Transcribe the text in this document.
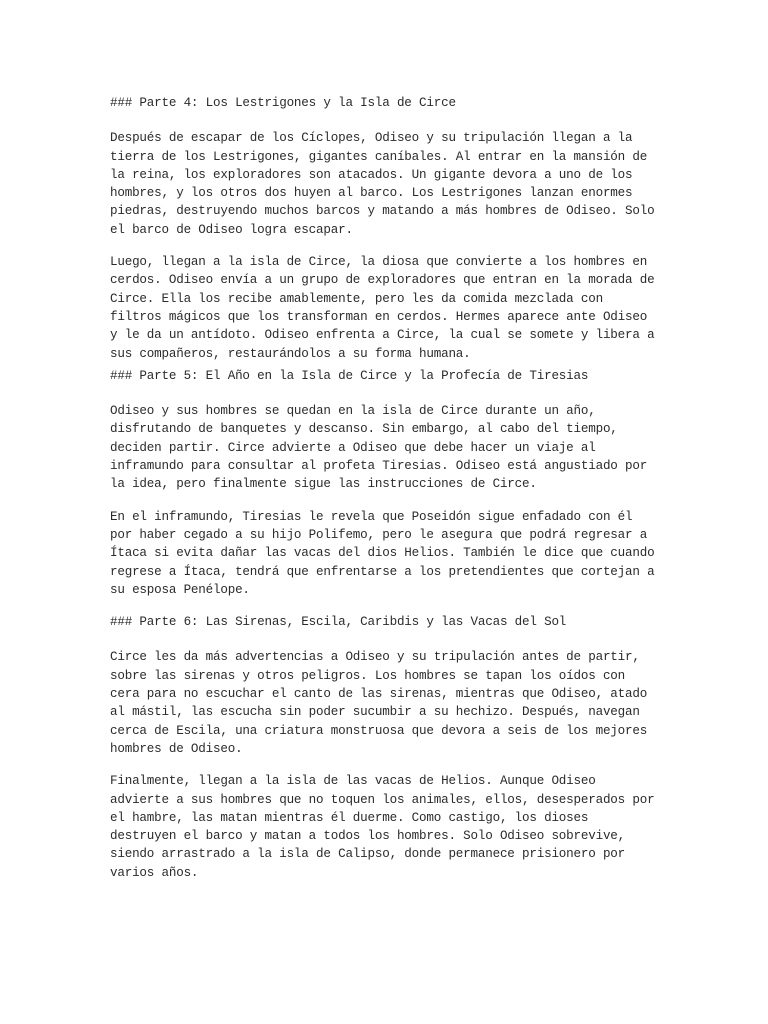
### Parte 4: Los Lestrigones y la Isla de Circe

Después de escapar de los Cíclopes, Odiseo y su tripulación llegan a la tierra de los Lestrigones, gigantes caníbales. Al entrar en la mansión de la reina, los exploradores son atacados. Un gigante devora a uno de los hombres, y los otros dos huyen al barco. Los Lestrigones lanzan enormes piedras, destruyendo muchos barcos y matando a más hombres de Odiseo. Solo el barco de Odiseo logra escapar.

Luego, llegan a la isla de Circe, la diosa que convierte a los hombres en cerdos. Odiseo envía a un grupo de exploradores que entran en la morada de Circe. Ella los recibe amablemente, pero les da comida mezclada con filtros mágicos que los transforman en cerdos. Hermes aparece ante Odiseo y le da un antídoto. Odiseo enfrenta a Circe, la cual se somete y libera a sus compañeros, restaurándolos a su forma humana.

### Parte 5: El Año en la Isla de Circe y la Profecía de Tiresias

Odiseo y sus hombres se quedan en la isla de Circe durante un año, disfrutando de banquetes y descanso. Sin embargo, al cabo del tiempo, deciden partir. Circe advierte a Odiseo que debe hacer un viaje al inframundo para consultar al profeta Tiresias. Odiseo está angustiado por la idea, pero finalmente sigue las instrucciones de Circe.

En el inframundo, Tiresias le revela que Poseidón sigue enfadado con él por haber cegado a su hijo Polifemo, pero le asegura que podrá regresar a Ítaca si evita dañar las vacas del dios Helios. También le dice que cuando regrese a Ítaca, tendrá que enfrentarse a los pretendientes que cortejan a su esposa Penélope.

### Parte 6: Las Sirenas, Escila, Caribdis y las Vacas del Sol

Circe les da más advertencias a Odiseo y su tripulación antes de partir, sobre las sirenas y otros peligros. Los hombres se tapan los oídos con cera para no escuchar el canto de las sirenas, mientras que Odiseo, atado al mástil, las escucha sin poder sucumbir a su hechizo. Después, navegan cerca de Escila, una criatura monstruosa que devora a seis de los mejores hombres de Odiseo.

Finalmente, llegan a la isla de las vacas de Helios. Aunque Odiseo advierte a sus hombres que no toquen los animales, ellos, desesperados por el hambre, las matan mientras él duerme. Como castigo, los dioses destruyen el barco y matan a todos los hombres. Solo Odiseo sobrevive, siendo arrastrado a la isla de Calipso, donde permanece prisionero por varios años.
